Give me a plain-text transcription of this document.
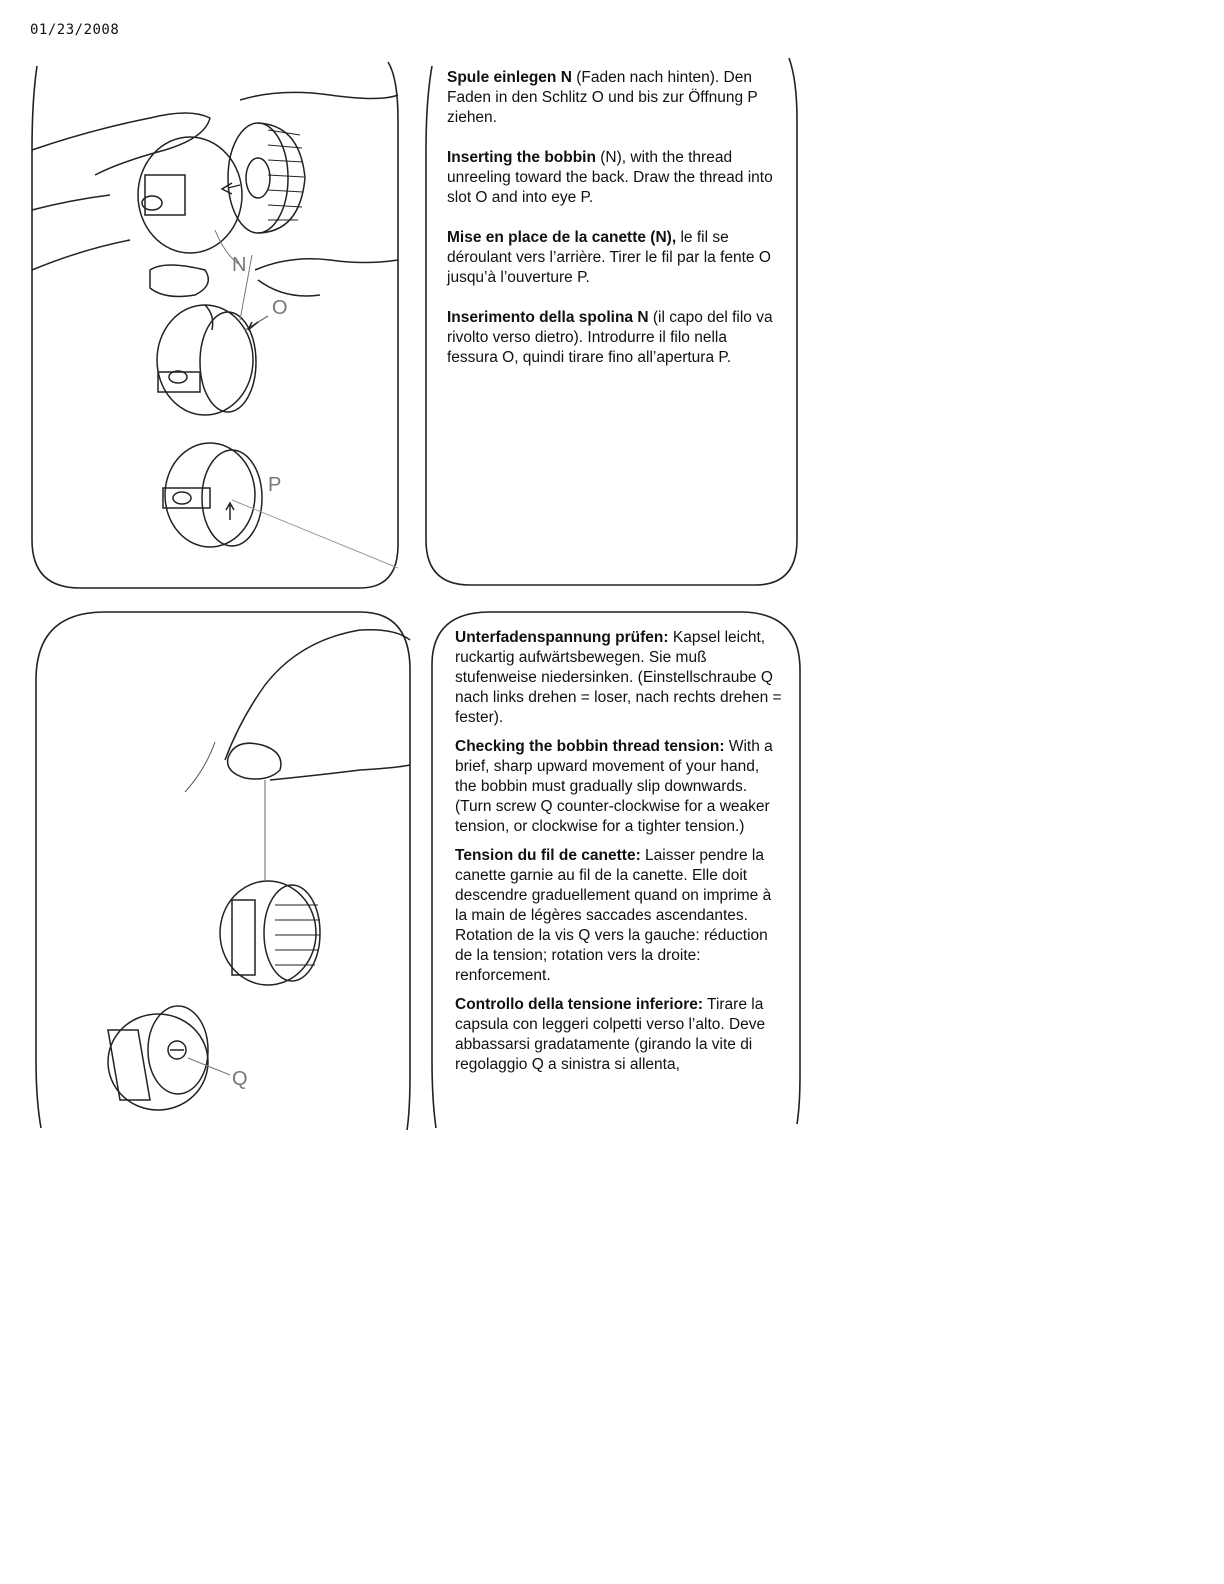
01/23/2008
N
O
P
Q

Spule einlegen N (Faden nach hinten). Den Faden in den Schlitz O und bis zur Öffnung P ziehen.

Inserting the bobbin (N), with the thread unreeling toward the back. Draw the thread into slot O and into eye P.

Mise en place de la canette (N), le fil se déroulant vers l’arrière. Tirer le fil par la fente O jusqu’à l’ouverture P.

Inserimento della spolina N (il capo del filo va rivolto verso dietro). Introdurre il filo nella fessura O, quindi tirare fino all’apertura P.

Unterfadenspannung prüfen: Kapsel leicht, ruckartig aufwärtsbewegen. Sie muß stufenweise niedersinken. (Einstellschraube Q nach links drehen = loser, nach rechts drehen = fester).

Checking the bobbin thread tension: With a brief, sharp upward movement of your hand, the bobbin must gradually slip downwards. (Turn screw Q counter-clockwise for a weaker tension, or clockwise for a tighter tension.)

Tension du fil de canette: Laisser pendre la canette garnie au fil de la canette. Elle doit descendre graduellement quand on imprime à la main de légères saccades ascendantes. Rotation de la vis Q vers la gauche: réduction de la tension; rotation vers la droite: renforcement.

Controllo della tensione inferiore: Tirare la capsula con leggeri colpetti verso l’alto. Deve abbassarsi gradatamente (girando la vite di regolaggio Q a sinistra si allenta,
